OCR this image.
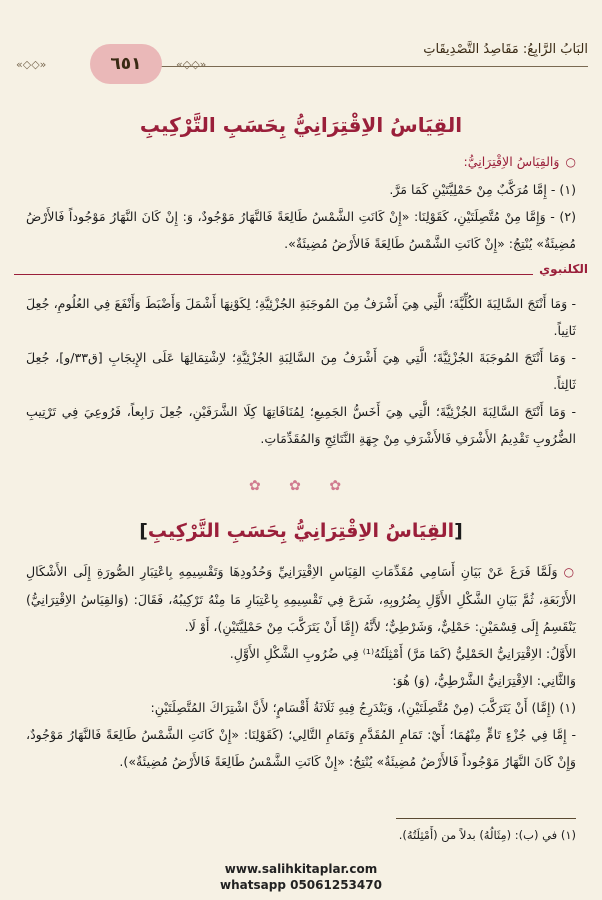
البَابُ الرَّابِعُ: مَقَاصِدُ التَّصْدِيقَاتِ
«◇◇»	«◇◇»
٦٥١
القِيَاسُ الاِقْتِرَانِيُّ بِحَسَبِ التَّرْكِيبِ

○وَالقِيَاسُ الاِقْتِرَانِيُّ:

(١) - إِمَّا مُرَكَّبٌ مِنْ حَمْلِيَّتَيْنِ كَمَا مَرَّ.

(٢) - وَإِمَّا مِنْ مُتَّصِلَتَيْنِ، كَقَوْلِنَا: «إِنْ كَانَتِ الشَّمْسُ طَالِعَةً فَالنَّهَارُ مَوْجُودٌ، وَ: إِنْ كَانَ النَّهَارُ مَوْجُوداً فَالأَرْضُ مُضِيئَةٌ» يُنْتِجُ: «إِنْ كَانَتِ الشَّمْسُ طَالِعَةً فَالأَرْضُ مُضِيئَةٌ».

الكلنبوي

- وَمَا أَنْتَجَ السَّالِبَةَ الكُلِّيَّةَ؛ الَّتِي هِيَ أَشْرَفُ مِنَ المُوجَبَةِ الجُزْئِيَّةِ؛ لِكَوْنِهَا أَشْمَلَ وَأَضْبَطَ وَأَنْفَعَ فِي العُلُومِ، جُعِلَ ثَانِياً.

- وَمَا أَنْتَجَ المُوجَبَةَ الجُزْئِيَّةَ؛ الَّتِي هِيَ أَشْرَفُ مِنَ السَّالِبَةِ الجُزْئِيَّةِ؛ لاِشْتِمَالِهَا عَلَى الإِيجَابِ [ق٣٣/و]، جُعِلَ ثَالِثاً.

- وَمَا أَنْتَجَ السَّالِبَةَ الجُزْئِيَّةَ؛ الَّتِي هِيَ أَخَسُّ الجَمِيعِ؛ لِمُنَافَاتِهَا كِلَا الشَّرَفَيْنِ، جُعِلَ رَابِعاً، فَرُوعِيَ فِي تَرْتِيبِ الضُّرُوبِ تَقْدِيمُ الأَشْرَفِ فَالأَشْرَفِ مِنْ جِهَةِ النَّتَائِجِ وَالمُقَدِّمَاتِ.

✿ ✿ ✿
[القِيَاسُ الاِقْتِرَانِيُّ بِحَسَبِ التَّرْكِيبِ]

○وَلَمَّا فَرَغَ عَنْ بَيَانِ أَسَامِي مُقَدِّمَاتِ القِيَاسِ الاِقْتِرَانِيِّ وَحُدُودِهَا وَتَقْسِيمِهِ بِاعْتِبَارِ الصُّورَةِ إِلَى الأَشْكَالِ الأَرْبَعَةِ، ثُمَّ بَيَانِ الشَّكْلِ الأَوَّلِ بِضُرُوبِهِ، شَرَعَ فِي تَقْسِيمِهِ بِاعْتِبَارِ مَا مِنْهُ تَرْكِيبُهُ، فَقَالَ: (وَالقِيَاسُ الاِقْتِرَانِيُّ) يَنْقَسِمُ إِلَى قِسْمَيْنِ: حَمْلِيٌّ، وَشَرْطِيٌّ؛ لأَنَّهُ (إِمَّا أَنْ يَتَرَكَّبَ مِنْ حَمْلِيَّتَيْنِ)، أَوْ لَا.

الأَوَّلُ: الاِقْتِرَانِيُّ الحَمْلِيُّ (كَمَا مَرَّ) أَمْثِلَتُهُ⁽¹⁾ فِي ضُرُوبِ الشَّكْلِ الأَوَّلِ.

وَالثَّانِي: الاِقْتِرَانِيُّ الشَّرْطِيُّ، (وَ) هُوَ:

(١) (إِمَّا) أَنْ يَتَرَكَّبَ (مِنْ مُتَّصِلَتَيْنِ)، وَيَنْدَرِجُ فِيهِ ثَلَاثَةُ أَقْسَامٍ؛ لأَنَّ اشْتِرَاكَ المُتَّصِلَتَيْنِ:

- إِمَّا فِي جُزْءٍ تَامٍّ مِنْهُمَا؛ أَيْ: تَمَامِ المُقَدَّمِ وَتَمَامِ التَّالِي؛ (كَقَوْلِنَا: «إِنْ كَانَتِ الشَّمْسُ طَالِعَةً فَالنَّهَارُ مَوْجُودٌ، وَإِنْ كَانَ النَّهَارُ مَوْجُوداً فَالأَرْضُ مُضِيئَةٌ» يُنْتِجُ: «إِنْ كَانَتِ الشَّمْسُ طَالِعَةً فَالأَرْضُ مُضِيئَةٌ»).

(١) في (ب): (مِثَالُهُ) بدلاً من (أَمْثِلَتُهُ).
www.salihkitaplar.com
whatsapp 05061253470
